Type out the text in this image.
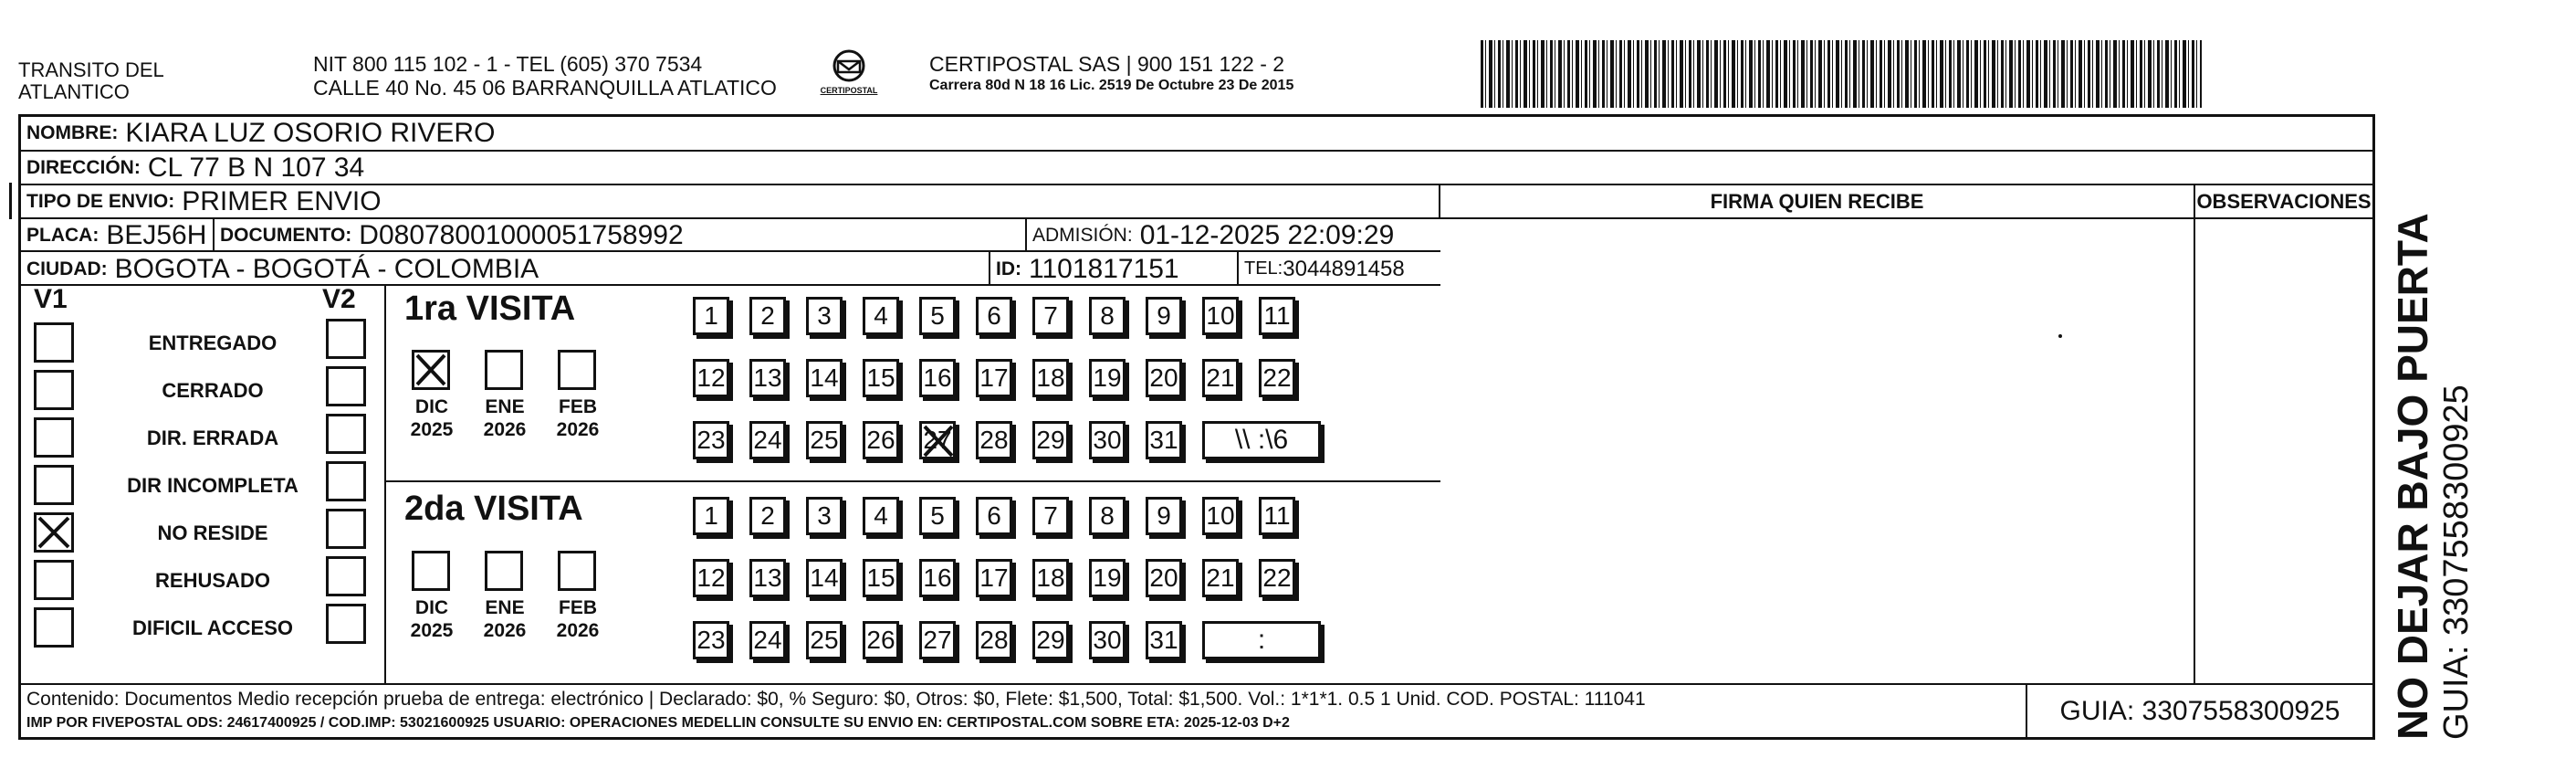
TRANSITO DEL
ATLANTICO
NIT 800 115 102 - 1 - TEL (605) 370 7534
CALLE 40 No. 45 06 BARRANQUILLA ATLATICO	CERTIPOSTAL
CERTIPOSTAL SAS | 900 151 122 - 2
Carrera 80d N 18 16 Lic. 2519 De Octubre 23 De 2015
NOMBRE: KIARA LUZ OSORIO RIVERO
DIRECCIÓN: CL 77 B N 107 34
TIPO DE ENVIO: PRIMER ENVIO	FIRMA QUIEN RECIBE	OBSERVACIONES
PLACA: BEJ56H DOCUMENTO: D08078001000051758992	ADMISIÓN: 01-12-2025 22:09:29
CIUDAD: BOGOTA - BOGOTÁ - COLOMBIA	ID: 1101817151	TEL: 3044891458
V1	V2
ENTREGADO
CERRADO
DIR. ERRADA
DIR INCOMPLETA
NO RESIDE
REHUSADO
DIFICIL ACCESO
1ra VISITA
DIC
2025
ENE
2026
FEB
2026
1	2	3	4	5	6	7	8	9	10 11
12 13 14 15 16 17 18 19 20 21 22
23 24 25 26 27 28 29 30 31	\\ :\6
2da VISITA
DIC
2025
ENE
2026
FEB
2026
1	2	3	4	5	6	7	8	9	10 11
12 13 14 15 16 17 18 19 20 21 22
23 24 25 26 27 28 29 30 31	:
Contenido: Documentos Medio recepción prueba de entrega: electrónico | Declarado: $0, % Seguro: $0, Otros: $0, Flete: $1,500, Total: $1,500. Vol.: 1*1*1. 0.5 1 Unid. COD. POSTAL: 111041
IMP POR FIVEPOSTAL ODS: 24617400925 / COD.IMP: 53021600925 USUARIO: OPERACIONES MEDELLIN CONSULTE SU ENVIO EN: CERTIPOSTAL.COM SOBRE ETA: 2025-12-03 D+2	GUIA: 3307558300925 NO DEJAR BAJO PUERTA GUIA: 3307558300925
